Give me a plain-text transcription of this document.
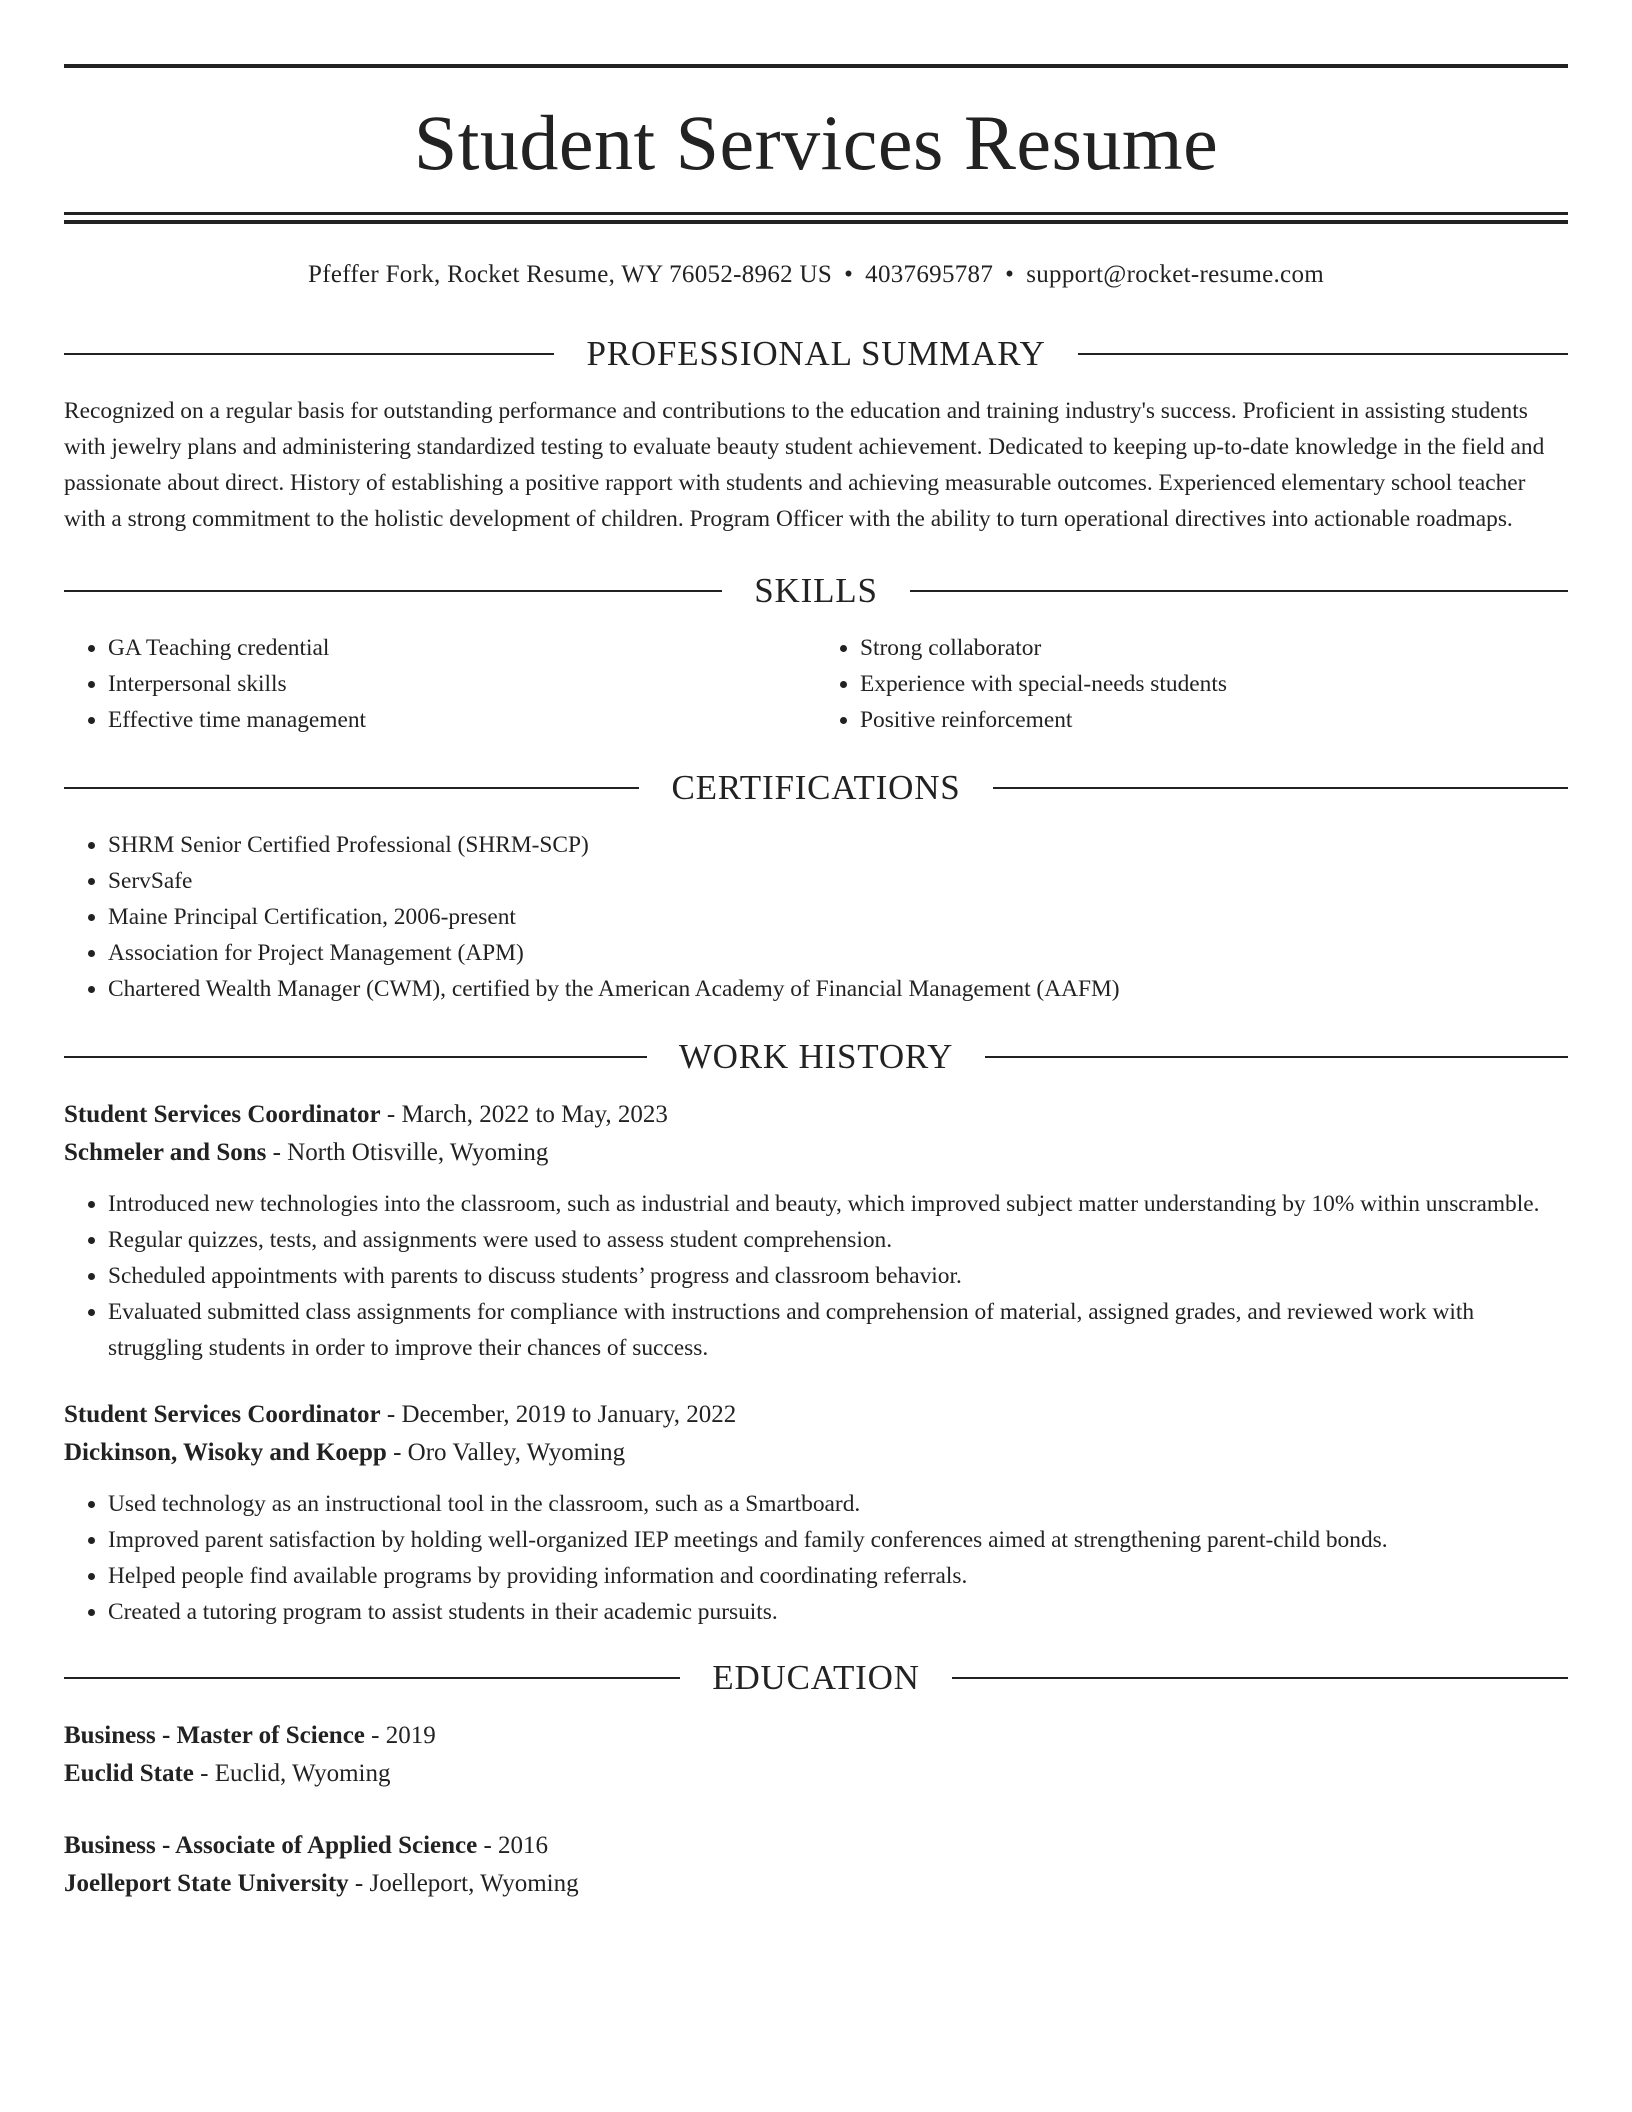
Student Services Resume
Pfeffer Fork, Rocket Resume, WY 76052-8962 US • 4037695787 • support@rocket-resume.com
PROFESSIONAL SUMMARY

Recognized on a regular basis for outstanding performance and contributions to the education and training industry's success. Proficient in assisting students with jewelry plans and administering standardized testing to evaluate beauty student achievement. Dedicated to keeping up-to-date knowledge in the field and passionate about direct. History of establishing a positive rapport with students and achieving measurable outcomes. Experienced elementary school teacher with a strong commitment to the holistic development of children. Program Officer with the ability to turn operational directives into actionable roadmaps.

SKILLS
• GA Teaching credential
• Interpersonal skills
• Effective time management
• Strong collaborator
• Experience with special-needs students
• Positive reinforcement
CERTIFICATIONS
• SHRM Senior Certified Professional (SHRM-SCP)
• ServSafe
• Maine Principal Certification, 2006-present
• Association for Project Management (APM)
• Chartered Wealth Manager (CWM), certified by the American Academy of Financial Management (AAFM)
WORK HISTORY
Student Services Coordinator - March, 2022 to May, 2023
Schmeler and Sons - North Otisville, Wyoming
• Introduced new technologies into the classroom, such as industrial and beauty, which improved subject matter understanding by 10% within unscramble.
• Regular quizzes, tests, and assignments were used to assess student comprehension.
• Scheduled appointments with parents to discuss students’ progress and classroom behavior.
• Evaluated submitted class assignments for compliance with instructions and comprehension of material, assigned grades, and reviewed work with struggling students in order to improve their chances of success.
Student Services Coordinator - December, 2019 to January, 2022
Dickinson, Wisoky and Koepp - Oro Valley, Wyoming
• Used technology as an instructional tool in the classroom, such as a Smartboard.
• Improved parent satisfaction by holding well-organized IEP meetings and family conferences aimed at strengthening parent-child bonds.
• Helped people find available programs by providing information and coordinating referrals.
• Created a tutoring program to assist students in their academic pursuits.
EDUCATION
Business - Master of Science - 2019
Euclid State - Euclid, Wyoming
Business - Associate of Applied Science - 2016
Joelleport State University - Joelleport, Wyoming
